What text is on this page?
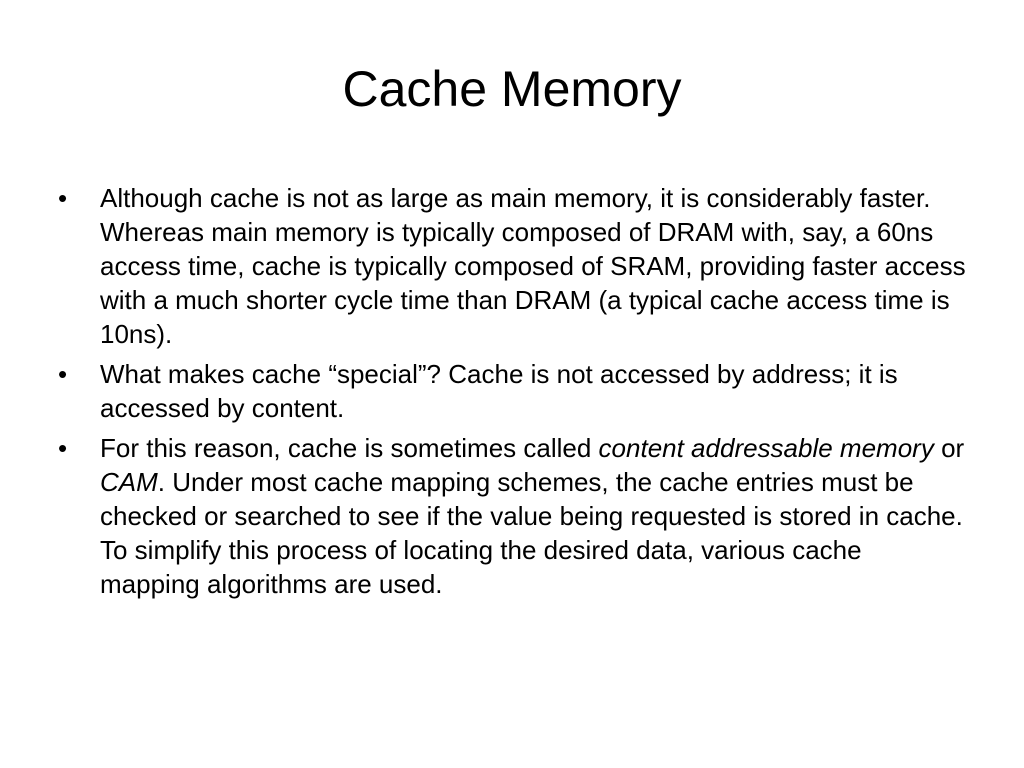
Cache Memory
•	Although cache is not as large as main memory, it is considerably faster. Whereas main memory is typically composed of DRAM with, say, a 60ns access time, cache is typically composed of SRAM, providing faster access with a much shorter cycle time than DRAM (a typical cache access time is 10ns).
•	What makes cache “special”? Cache is not accessed by address; it is accessed by content.
•	For this reason, cache is sometimes called content addressable memory or CAM. Under most cache mapping schemes, the cache entries must be checked or searched to see if the value being requested is stored in cache. To simplify this process of locating the desired data, various cache mapping algorithms are used.
